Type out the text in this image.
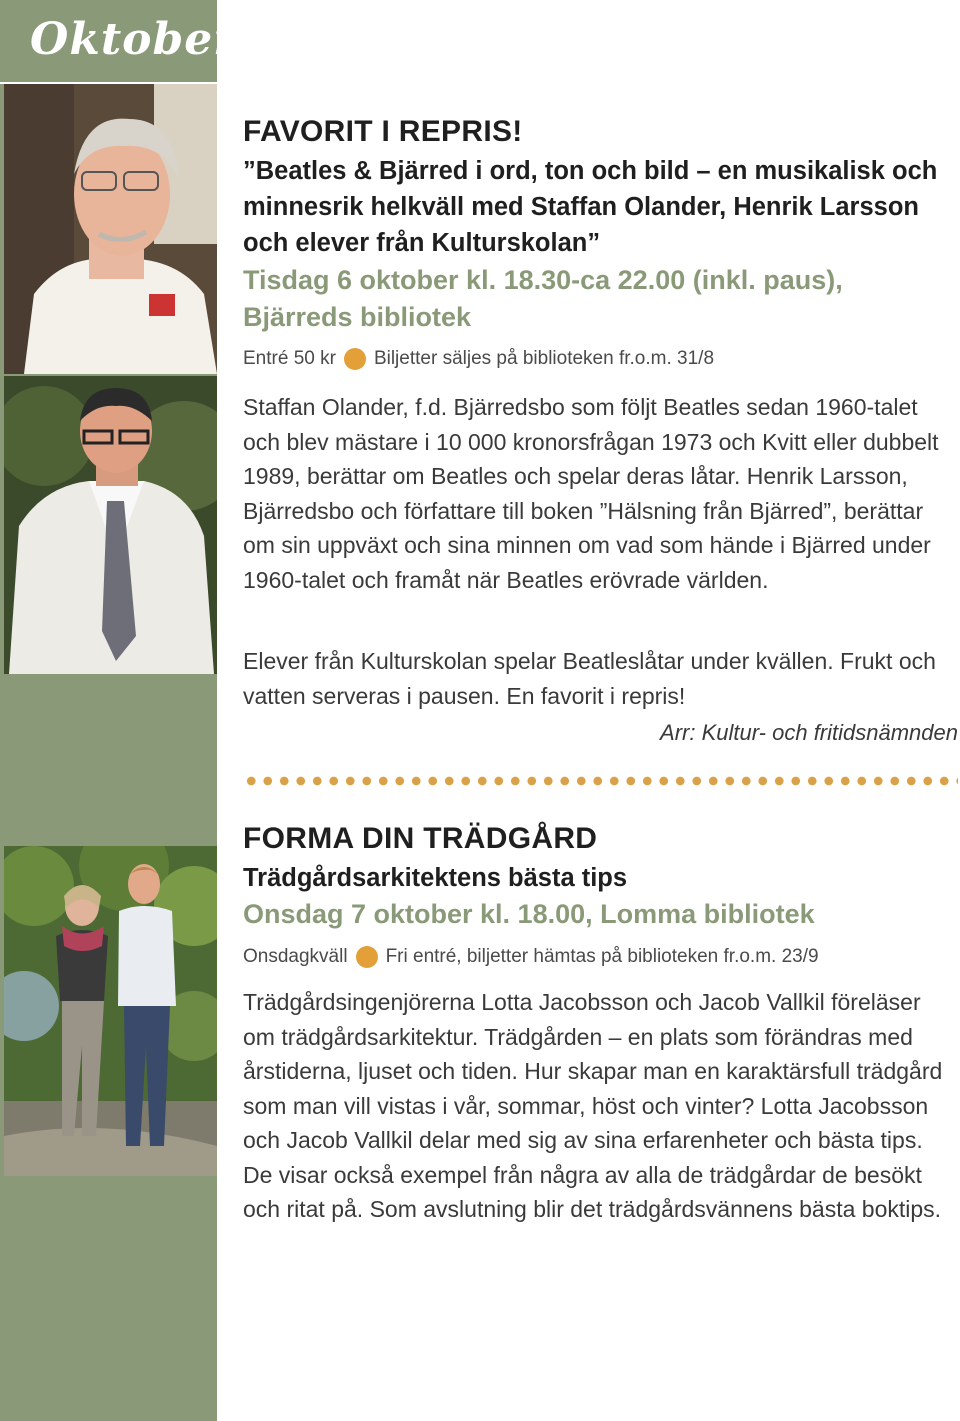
Oktober
FAVORIT I REPRIS!
”Beatles & Bjärred i ord, ton och bild – en musikalisk och minnesrik helkväll med Staffan Olander, Henrik Larsson och elever från Kulturskolan”
Tisdag 6 oktober kl. 18.30-ca 22.00 (inkl. paus),
Bjärreds bibliotek
Entré 50 kr Biljetter säljes på biblioteken fr.o.m. 31/8

Staffan Olander, f.d. Bjärredsbo som följt Beatles sedan 1960-talet och blev mästare i 10 000 kronorsfrågan 1973 och Kvitt eller dubbelt 1989, berättar om Beatles och spelar deras låtar. Henrik Larsson, Bjärredsbo och författare till boken ”Hälsning från Bjärred”, berättar om sin uppväxt och sina minnen om vad som hände i Bjärred under 1960-talet och framåt när Beatles erövrade världen.

Elever från Kulturskolan spelar Beatleslåtar under kvällen. Frukt och vatten serveras i pausen. En favorit i repris!

Arr: Kultur- och fritidsnämnden
FORMA DIN TRÄDGÅRD
Trädgårdsarkitektens bästa tips
Onsdag 7 oktober kl. 18.00, Lomma bibliotek
Onsdagkväll Fri entré, biljetter hämtas på biblioteken fr.o.m. 23/9

Trädgårdsingenjörerna Lotta Jacobsson och Jacob Vallkil föreläser om trädgårdsarkitektur. Trädgården – en plats som förändras med årstiderna, ljuset och tiden. Hur skapar man en karaktärsfull trädgård som man vill vistas i vår, sommar, höst och vinter? Lotta Jacobsson och Jacob Vallkil delar med sig av sina erfarenheter och bästa tips. De visar också exempel från några av alla de trädgårdar de besökt och ritat på. Som avslutning blir det trädgårdsvännens bästa boktips.
